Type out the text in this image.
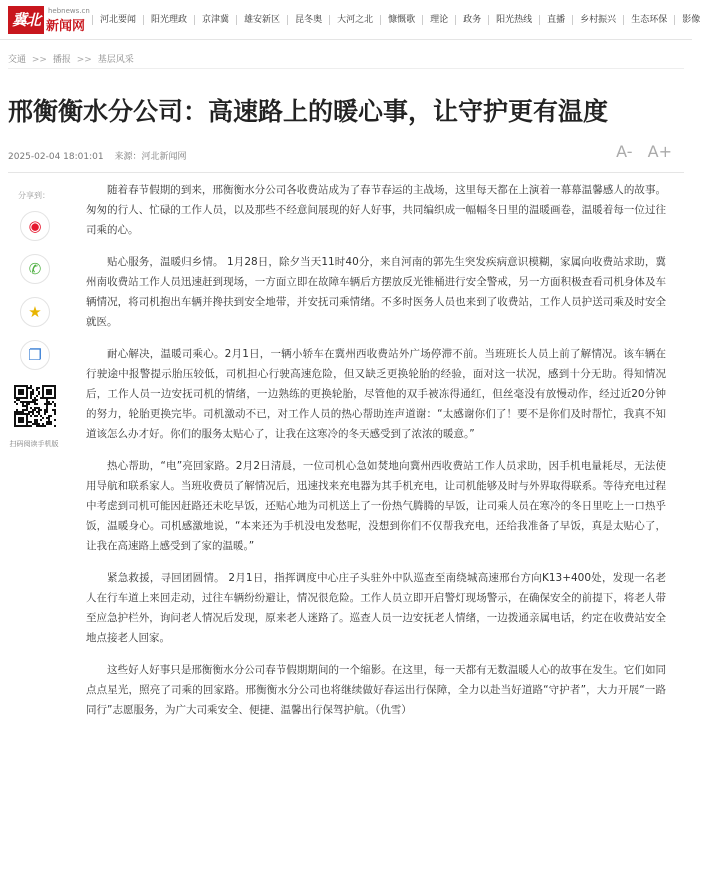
冀北	hebnews.cn
新闻网	河北要闻	阳光理政	京津冀	雄安新区	昆冬奥	大河之北	慷慨歌	理论	政务	阳光热线	直播	乡村振兴	生态环保	影像
交通 >> 播报 >> 基层风采
邢衡衡水分公司：高速路上的暖心事，让守护更有温度
2025-02-04 18:01:01 来源：河北新闻网	A- A+
分享到：
◉
✆
★
❐
扫码阅读手机版

随着春节假期的到来，邢衡衡水分公司各收费站成为了春节春运的主战场，这里每天都在上演着一幕幕温馨感人的故事。匆匆的行人、忙碌的工作人员，以及那些不经意间展现的好人好事，共同编织成一幅幅冬日里的温暖画卷，温暖着每一位过往司乘的心。

贴心服务，温暖归乡情。 1月28日，除夕当天11时40分，来自河南的郭先生突发疾病意识模糊，家属向收费站求助，冀州南收费站工作人员迅速赶到现场，一方面立即在故障车辆后方摆放反光锥桶进行安全警戒，另一方面积极查看司机身体及车辆情况，将司机抱出车辆并搀扶到安全地带，并安抚司乘情绪。不多时医务人员也来到了收费站，工作人员护送司乘及时安全就医。

耐心解决，温暖司乘心。2月1日，一辆小轿车在冀州西收费站外广场停滞不前。当班班长人员上前了解情况。该车辆在行驶途中报警提示胎压较低，司机担心行驶高速危险，但又缺乏更换轮胎的经验，面对这一状况，感到十分无助。得知情况后，工作人员一边安抚司机的情绪，一边熟练的更换轮胎，尽管他的双手被冻得通红，但丝毫没有放慢动作，经过近20分钟的努力，轮胎更换完毕。司机激动不已，对工作人员的热心帮助连声道谢：“太感谢你们了！要不是你们及时帮忙，我真不知道该怎么办才好。你们的服务太贴心了，让我在这寒冷的冬天感受到了浓浓的暖意。”

热心帮助，“电”亮回家路。2月2日清晨，一位司机心急如焚地向冀州西收费站工作人员求助，因手机电量耗尽，无法使用导航和联系家人。当班收费员了解情况后，迅速找来充电器为其手机充电，让司机能够及时与外界取得联系。等待充电过程中考虑到司机可能因赶路还未吃早饭，还贴心地为司机送上了一份热气腾腾的早饭，让司乘人员在寒冷的冬日里吃上一口热乎饭，温暖身心。司机感激地说，“本来还为手机没电发愁呢，没想到你们不仅帮我充电，还给我准备了早饭，真是太贴心了，让我在高速路上感受到了家的温暖。”

紧急救援，寻回团圆情。 2月1日，指挥调度中心庄子头驻外中队巡查至南绕城高速邢台方向K13+400处，发现一名老人在行车道上来回走动，过往车辆纷纷避让，情况很危险。工作人员立即开启警灯现场警示，在确保安全的前提下，将老人带至应急护栏外，询问老人情况后发现，原来老人迷路了。巡查人员一边安抚老人情绪，一边拨通亲属电话，约定在收费站安全地点接老人回家。

这些好人好事只是邢衡衡水分公司春节假期期间的一个缩影。在这里，每一天都有无数温暖人心的故事在发生。它们如同点点星光，照亮了司乘的回家路。邢衡衡水分公司也将继续做好春运出行保障，全力以赴当好道路“守护者”，大力开展“一路同行”志愿服务，为广大司乘安全、便捷、温馨出行保驾护航。（仇雪）
